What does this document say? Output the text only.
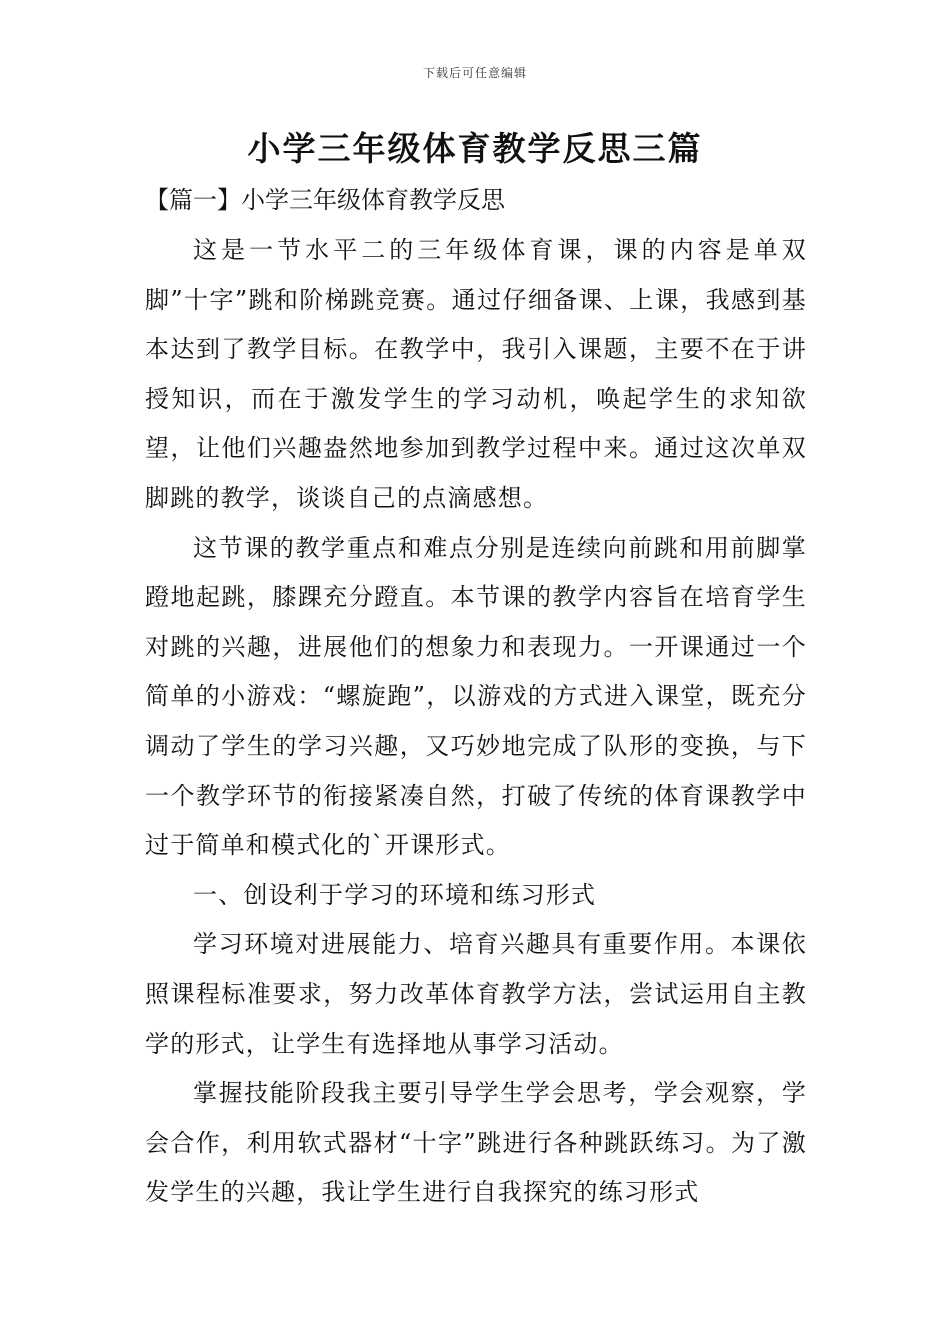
下载后可任意编辑
小学三年级体育教学反思三篇
【篇一】小学三年级体育教学反思

这是一节水平二的三年级体育课，课的内容是单双脚”十字”跳和阶梯跳竞赛。通过仔细备课、上课，我感到基本达到了教学目标。在教学中，我引入课题，主要不在于讲授知识，而在于激发学生的学习动机，唤起学生的求知欲望，让他们兴趣盎然地参加到教学过程中来。通过这次单双脚跳的教学，谈谈自己的点滴感想。

这节课的教学重点和难点分别是连续向前跳和用前脚掌蹬地起跳，膝踝充分蹬直。本节课的教学内容旨在培育学生对跳的兴趣，进展他们的想象力和表现力。一开课通过一个简单的小游戏：“螺旋跑”，以游戏的方式进入课堂，既充分调动了学生的学习兴趣，又巧妙地完成了队形的变换，与下一个教学环节的衔接紧凑自然，打破了传统的体育课教学中过于简单和模式化的`开课形式。

一、创设利于学习的环境和练习形式

学习环境对进展能力、培育兴趣具有重要作用。本课依照课程标准要求，努力改革体育教学方法，尝试运用自主教学的形式，让学生有选择地从事学习活动。

掌握技能阶段我主要引导学生学会思考，学会观察，学会合作，利用软式器材“十字”跳进行各种跳跃练习。为了激发学生的兴趣，我让学生进行自我探究的练习形式
